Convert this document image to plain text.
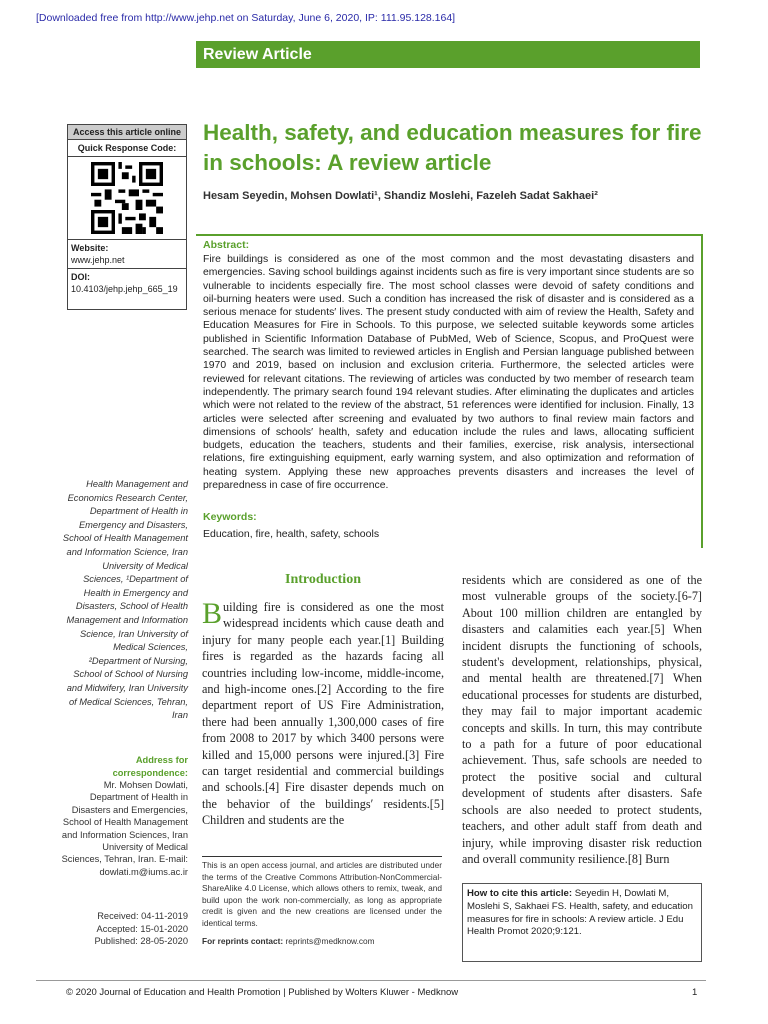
[Downloaded free from http://www.jehp.net on Saturday, June 6, 2020, IP: 111.95.128.164]
Review Article
Access this article online
Quick Response Code:
Website:
www.jehp.net
DOI:
10.4103/jehp.jehp_665_19
Health, safety, and education measures for fire in schools: A review article
Hesam Seyedin, Mohsen Dowlati¹, Shandiz Moslehi, Fazeleh Sadat Sakhaei²
Abstract:
Fire buildings is considered as one of the most common and the most devastating disasters and emergencies. Saving school buildings against incidents such as fire is very important since students are so vulnerable to incidents especially fire. The most school classes were devoid of safety conditions and oil‑burning heaters were used. Such a condition has increased the risk of disaster and is considered as a serious menace for students′ lives. The present study conducted with aim of review the Health, Safety and Education Measures for Fire in Schools. To this purpose, we selected suitable keywords some articles published in Scientific Information Database of PubMed, Web of Science, Scopus, and ProQuest were searched. The search was limited to reviewed articles in English and Persian language published between 1970 and 2019, based on inclusion and exclusion criteria. Furthermore, the selected articles were reviewed for relevant citations. The reviewing of articles was conducted by two member of research team independently. The primary search found 194 relevant studies. After eliminating the duplicates and articles which were not related to the review of the abstract, 51 references were identified for inclusion. Finally, 13 articles were selected after screening and evaluated by two authors to final review main factors and dimensions of schools′ health, safety and education include the rules and laws, allocating sufficient budgets, education the teachers, students and their families, exercise, risk analysis, intersectional relations, fire extinguishing equipment, early warning system, and also optimization and reformation of heating system. Applying these new approaches prevents disasters and increases the level of preparedness in case of fire occurrence.
Keywords:
Education, fire, health, safety, schools
Health Management and Economics Research Center, Department of Health in Emergency and Disasters, School of Health Management and Information Science, Iran University of Medical Sciences, ¹Department of Health in Emergency and Disasters, School of Health Management and Information Science, Iran University of Medical Sciences, ²Department of Nursing, School of School of Nursing and Midwifery, Iran University of Medical Sciences, Tehran, Iran
Address for correspondence:
Mr. Mohsen Dowlati, Department of Health in Disasters and Emergencies, School of Health Management and Information Sciences, Iran University of Medical Sciences, Tehran, Iran. E-mail: dowlati.m@iums.ac.ir
Received: 04-11-2019
Accepted: 15-01-2020
Published: 28-05-2020
Introduction
Building fire is considered as one the most widespread incidents which cause death and injury for many people each year.[1] Building fires is regarded as the hazards facing all countries including low‑income, middle‑income, and high‑income ones.[2] According to the fire department report of US Fire Administration, there had been annually 1,300,000 cases of fire from 2008 to 2017 by which 3400 persons were killed and 15,000 persons were injured.[3] Fire can target residential and commercial buildings and schools.[4] Fire disaster depends much on the behavior of the buildings′ residents.[5] Children and students are the
residents which are considered as one of the most vulnerable groups of the society.[6‑7] About 100 million children are entangled by disasters and calamities each year.[5] When incident disrupts the functioning of schools, student's development, relationships, physical, and mental health are threatened.[7] When educational processes for students are disturbed, they may fail to major important academic concepts and skills. In turn, this may contribute to a path for a future of poor educational achievement. Thus, safe schools are needed to protect the positive social and cultural development of students after disasters. Safe schools are also needed to protect students, teachers, and other adult staff from death and injury, while improving disaster risk reduction and overall community resilience.[8] Burn
This is an open access journal, and articles are distributed under the terms of the Creative Commons Attribution-NonCommercial-ShareAlike 4.0 License, which allows others to remix, tweak, and build upon the work non-commercially, as long as appropriate credit is given and the new creations are licensed under the identical terms.
For reprints contact: reprints@medknow.com
How to cite this article: Seyedin H, Dowlati M, Moslehi S, Sakhaei FS. Health, safety, and education measures for fire in schools: A review article. J Edu Health Promot 2020;9:121.
© 2020 Journal of Education and Health Promotion | Published by Wolters Kluwer - Medknow	1
